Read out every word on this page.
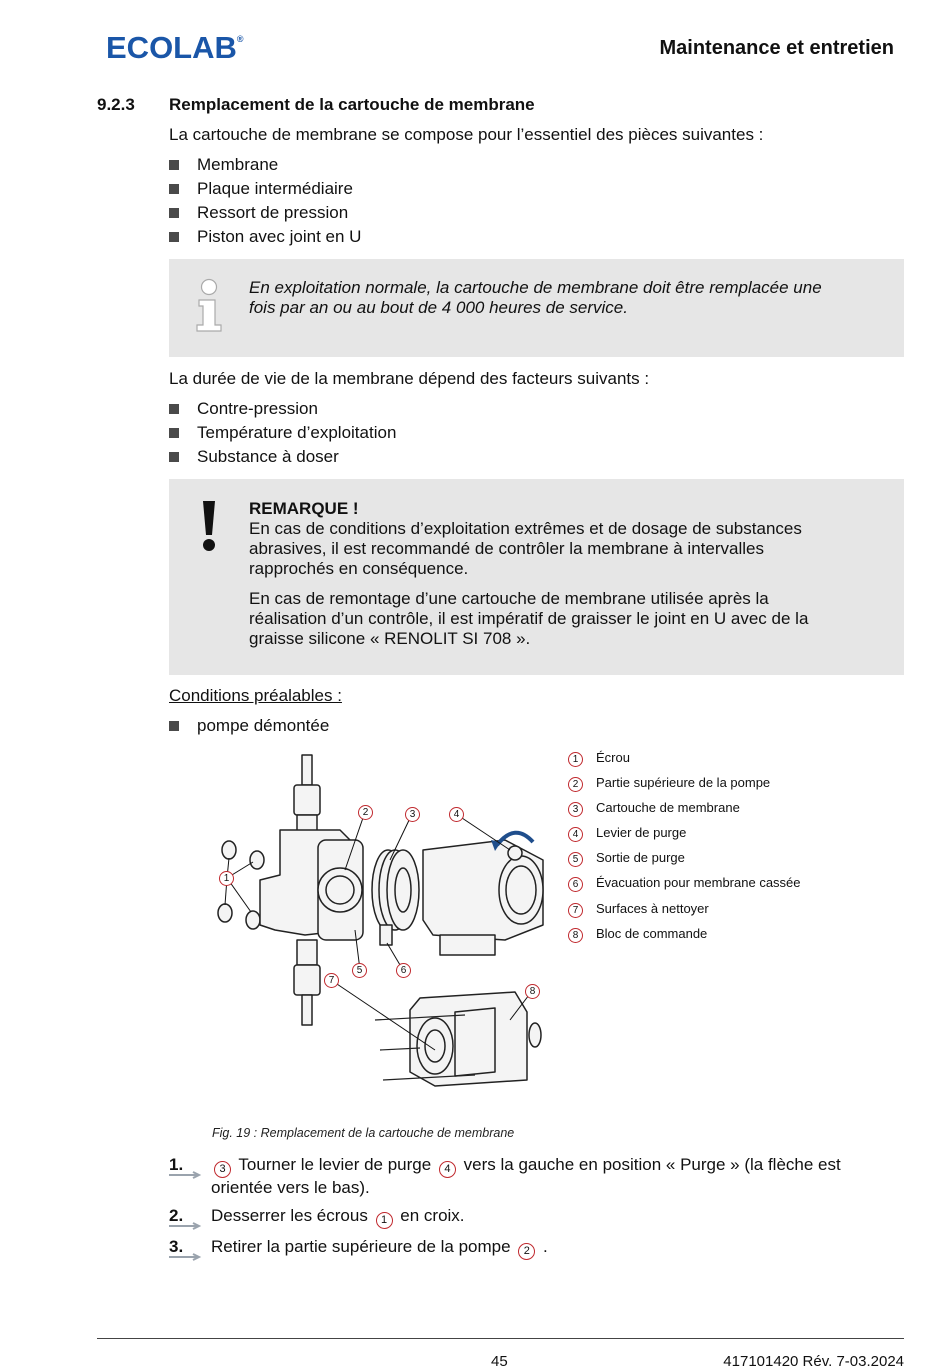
ECOLAB®	Maintenance et entretien
9.2.3 Remplacement de la cartouche de membrane
La cartouche de membrane se compose pour l’essentiel des pièces suivantes :
Membrane
Plaque intermédiaire
Ressort de pression
Piston avec joint en U
En exploitation normale, la cartouche de membrane doit être remplacée une
fois par an ou au bout de 4 000 heures de service.
La durée de vie de la membrane dépend des facteurs suivants :
Contre-pression
Température d’exploitation
Substance à doser
REMARQUE !
En cas de conditions d’exploitation extrêmes et de dosage de substances
abrasives, il est recommandé de contrôler la membrane à intervalles
rapprochés en conséquence.
En cas de remontage d’une cartouche de membrane utilisée après la
réalisation d’un contrôle, il est impératif de graisser le joint en U avec de la
graisse silicone « RENOLIT SI 708 ».
Conditions préalables :
pompe démontée
1
2	3	4
5	6
7
8
1	Écrou
2	Partie supérieure de la pompe
3	Cartouche de membrane
4	Levier de purge
5	Sortie de purge
6	Évacuation pour membrane cassée
7	Surfaces à nettoyer
8	Bloc de commande
Fig. 19 : Remplacement de la cartouche de membrane
1.	3 Tourner le levier de purge 4 vers la gauche en position « Purge » (la flèche est
orientée vers le bas).
2.	Desserrer les écrous 1 en croix.
3.	Retirer la partie supérieure de la pompe 2 .
45	417101420 Rév. 7-03.2024
